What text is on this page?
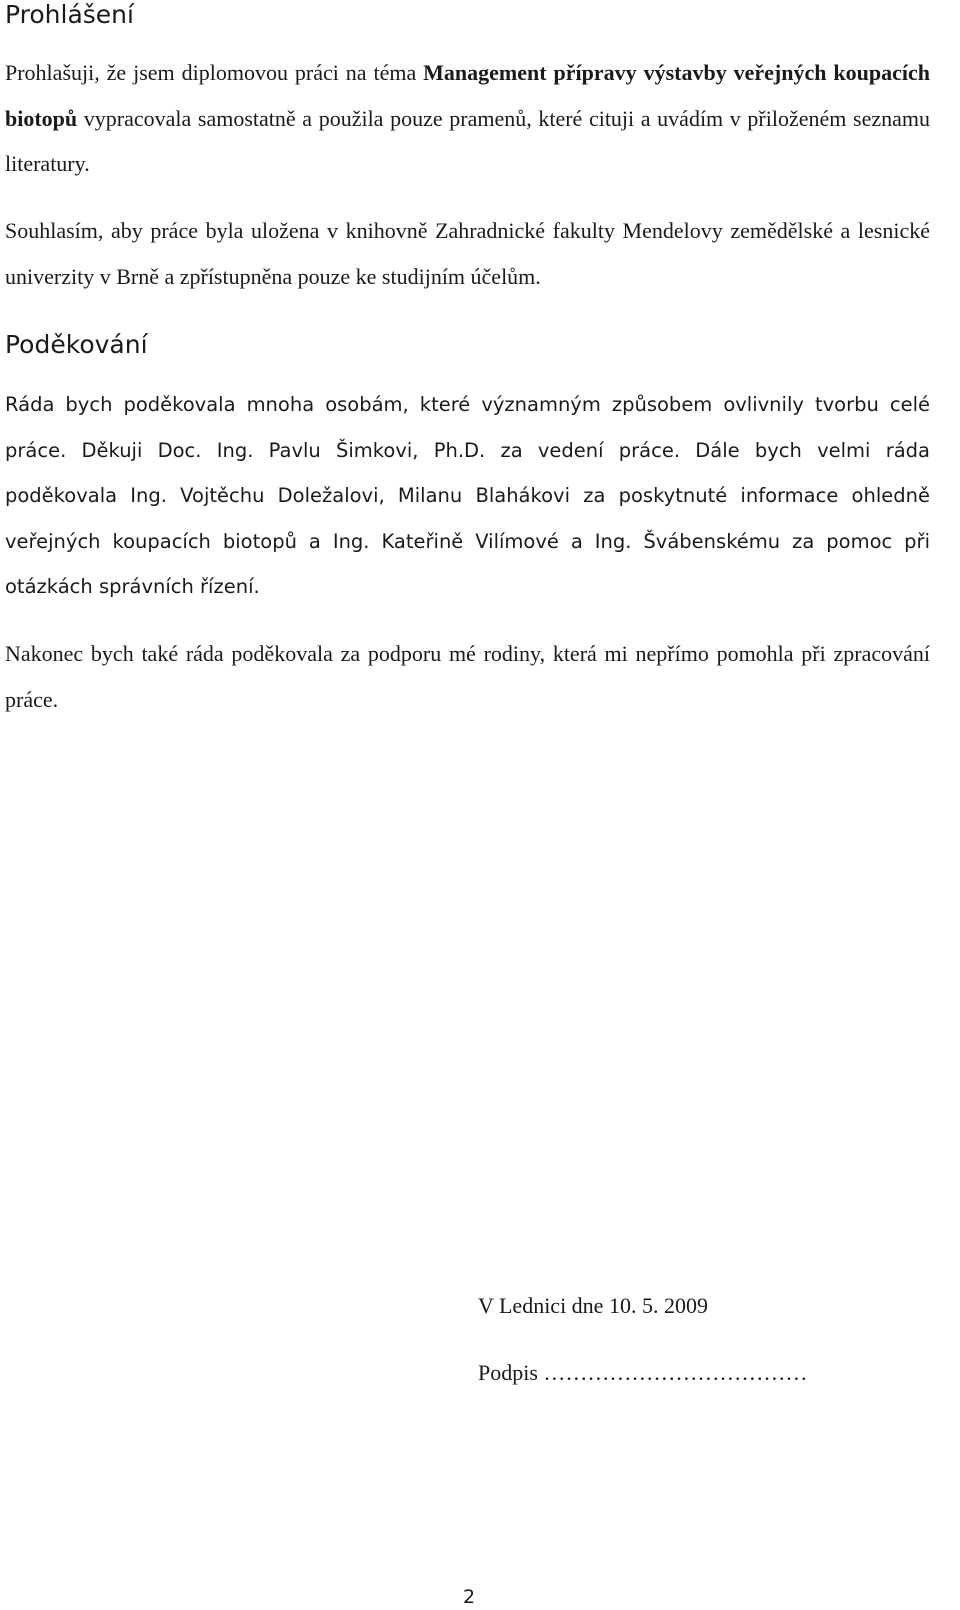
Prohlášení

Prohlašuji, že jsem diplomovou práci na téma Management přípravy výstavby veřejných koupacích biotopů vypracovala samostatně a použila pouze pramenů, které cituji a uvádím v přiloženém seznamu literatury.

Souhlasím, aby práce byla uložena v knihovně Zahradnické fakulty Mendelovy zemědělské a lesnické univerzity v Brně a zpřístupněna pouze ke studijním účelům.

Poděkování

Ráda bych poděkovala mnoha osobám, které významným způsobem ovlivnily tvorbu celé práce. Děkuji Doc. Ing. Pavlu Šimkovi, Ph.D. za vedení práce. Dále bych velmi ráda poděkovala Ing. Vojtěchu Doležalovi, Milanu Blahákovi za poskytnuté informace ohledně veřejných koupacích biotopů a Ing. Kateřině Vilímové a Ing. Švábenskému za pomoc při otázkách správních řízení.

Nakonec bych také ráda poděkovala za podporu mé rodiny, která mi nepřímo pomohla při zpracování práce.

V Lednici dne 10. 5. 2009

Podpis ………………………………

2
